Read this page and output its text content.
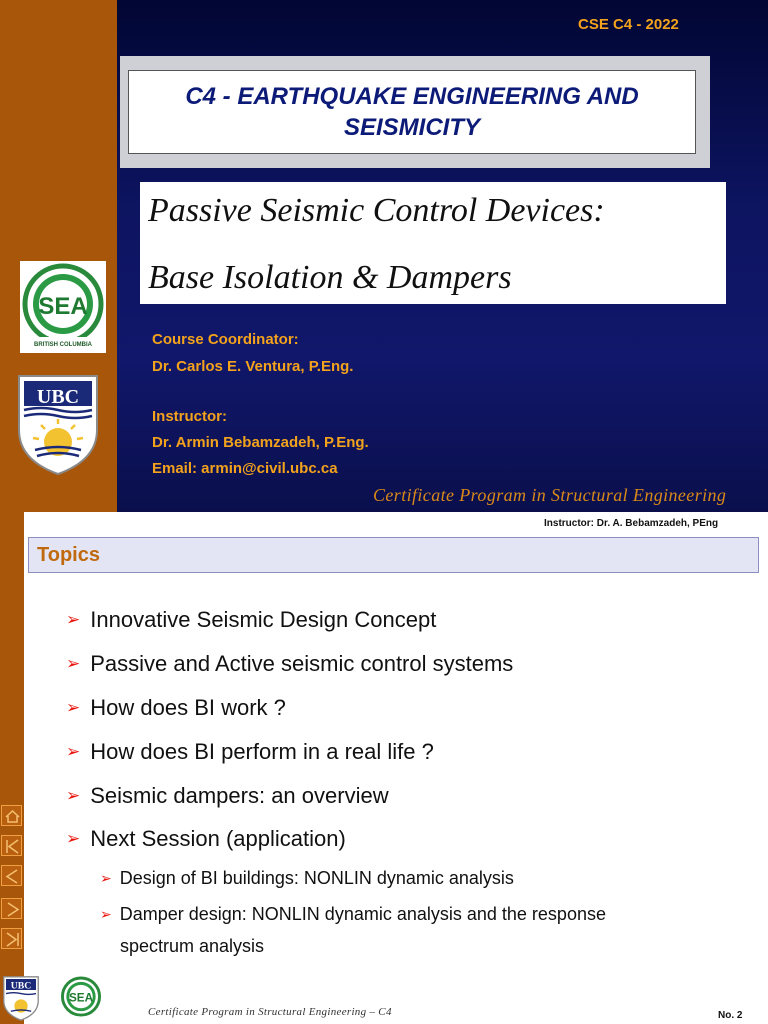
CSE C4 - 2022
C4 - EARTHQUAKE ENGINEERING AND SEISMICITY
Passive Seismic Control Devices:
Base Isolation & Dampers
SEA
BRITISH COLUMBIA
UBC
Course Coordinator:
Dr. Carlos E. Ventura, P.Eng.
Instructor:
Dr. Armin Bebamzadeh, P.Eng.
Email: armin@civil.ubc.ca
Certificate Program in Structural Engineering
Instructor: Dr. A. Bebamzadeh, PEng
Topics
➢ Innovative Seismic Design Concept
➢ Passive and Active seismic control systems
➢ How does BI work ?
➢ How does BI perform in a real life ?
➢ Seismic dampers: an overview
➢ Next Session (application)
➢ Design of BI buildings: NONLIN dynamic analysis
➢ Damper design: NONLIN dynamic analysis and the response
spectrum analysis
UBC
SEA
Certificate Program in Structural Engineering – C4	No. 2
